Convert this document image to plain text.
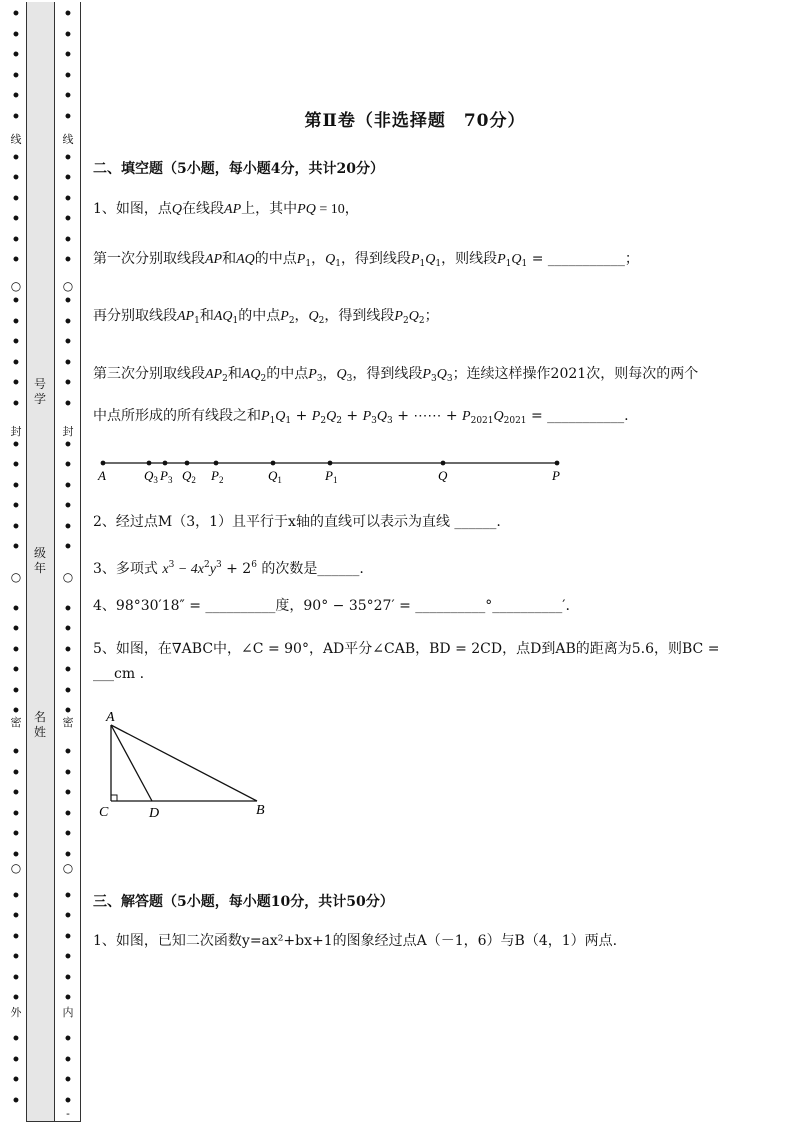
•
•
•
•
•
•
•
•
•
•
•
•
•
•
•
•
•
•
•
•
•
•
•
•
•
•
•
•
•
•
•
•
•
•
•
•
•
•
•
•
•
•
•
•
•
•
线
封
密
外
○
○
○
•
•
•
•
•
•
•
•
•
•
•
•
•
•
•
•
•
•
•
•
•
•
•
•
•
•
•
•
•
•
•
•
•
•
•
•
•
•
•
•
•
•
•
•
•
•
线
封
密
内
○
○
○
-
号
学
级
年
名
姓
第Ⅱ卷（非选择题　70分）
二、填空题（5小题，每小题4分，共计20分）
1、如图，点Q在线段AP上，其中PQ = 10，
第一次分别取线段AP和AQ的中点$P_1$，$Q_1$，得到线段$P_1Q_1$，则线段$P_1Q_1$ = ___________；
再分别取线段$AP_1$和$AQ_1$的中点$P_2$，$Q_2$，得到线段$P_2Q_2$；
第三次分别取线段$AP_2$和$AQ_2$的中点$P_3$，$Q_3$，得到线段$P_3Q_3$；连续这样操作2021次，则每次的两个
中点所形成的所有线段之和$P_1Q_1 + P_2Q_2 + P_3Q_3$ + ⋯⋯ + $P_{2021}Q_{2021}$ = ___________.
A	$Q_3$ $P_3$ $Q_2$ $P_2$	$Q_1$	$P_1$	Q	P
2、经过点M（3，1）且平行于x轴的直线可以表示为直线 ______.
3、多项式 $x^3 - 4x^2y^3 + 2^6$ 的次数是______.
4、98°30′18″ = __________度，90° − 35°27′ = __________°__________′.
5、如图，在∇ABC中，∠C = 90°，AD平分∠CAB，BD = 2CD，点D到AB的距离为5.6，则BC =
___cm .
A
C	D	B
三、解答题（5小题，每小题10分，共计50分）
1、如图，已知二次函数y=ax²+bx+1的图象经过点A（－1，6）与B（4，1）两点.
